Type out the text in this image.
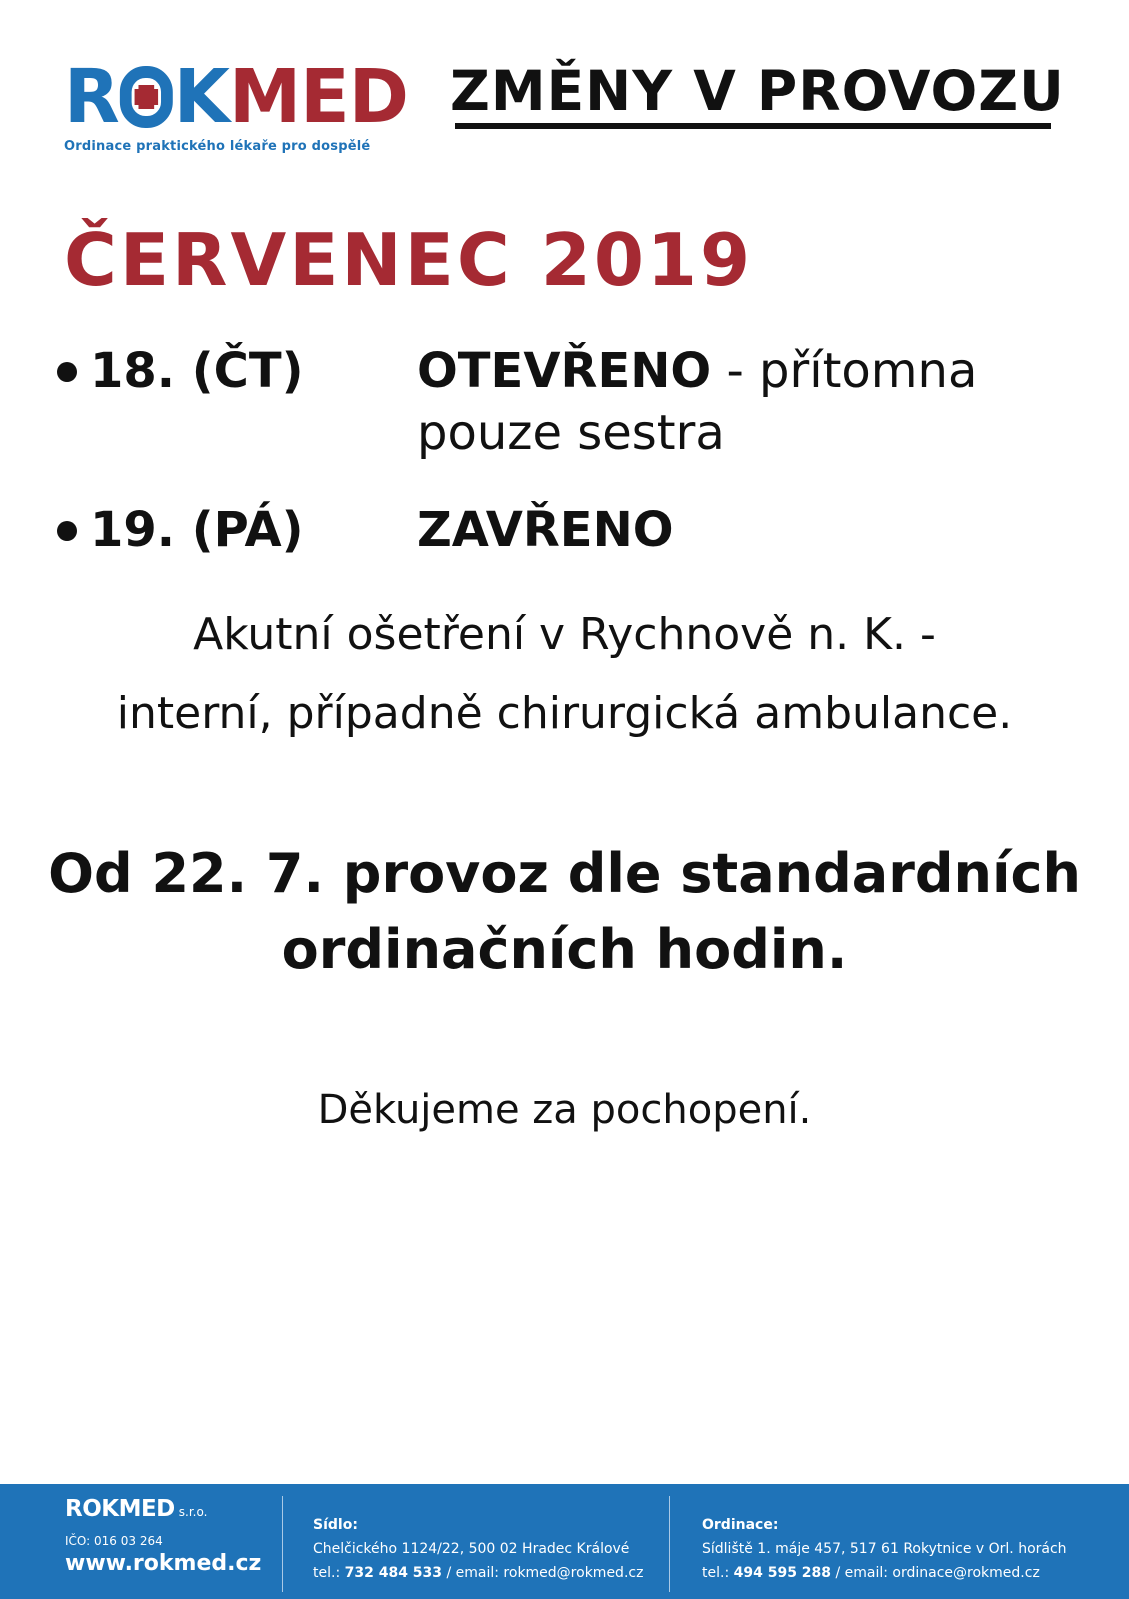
R KMED
Ordinace praktického lékaře pro dospělé
ZMĚNY V PROVOZU
ČERVENEC 2019
18. (ČT) OTEVŘENO - přítomna
pouze sestra
19. (PÁ) ZAVŘENO
Akutní ošetření v Rychnově n. K. -
interní, případně chirurgická ambulance.
Od 22. 7. provoz dle standardních
ordinačních hodin.
Děkujeme za pochopení.
ROKMED s.r.o.
IČO: 016 03 264
www.rokmed.cz
Sídlo:
Chelčického 1124/22, 500 02 Hradec Králové
tel.: 732 484 533 / email: rokmed@rokmed.cz
Ordinace:
Sídliště 1. máje 457, 517 61 Rokytnice v Orl. horách
tel.: 494 595 288 / email: ordinace@rokmed.cz
